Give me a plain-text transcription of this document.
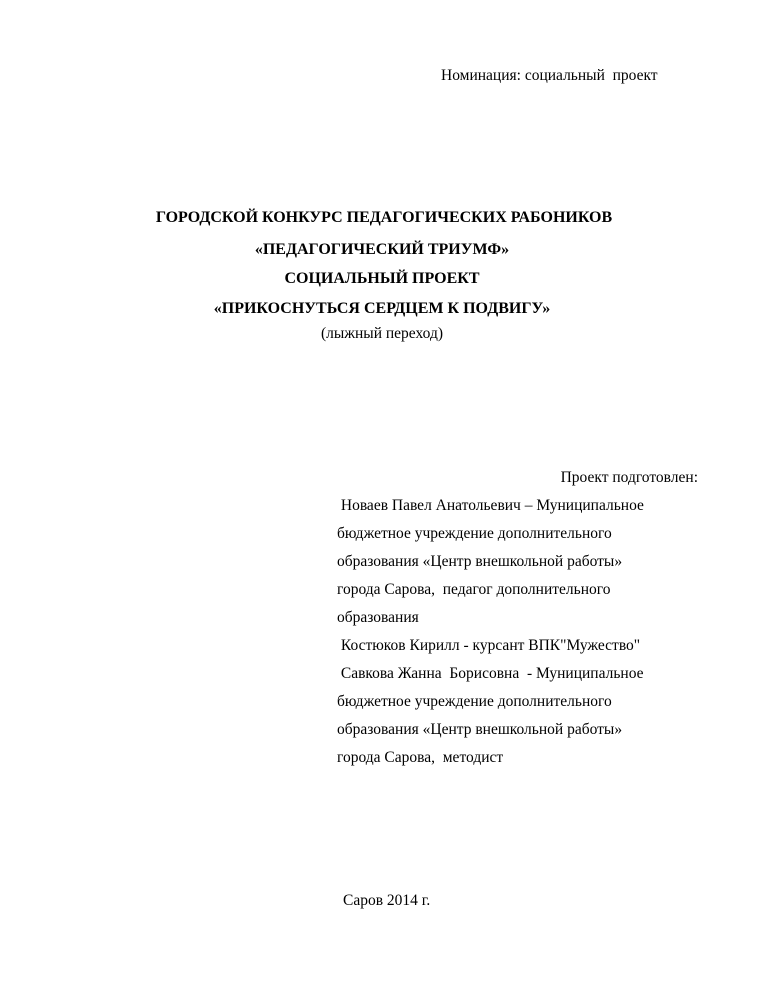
Номинация: социальный  проект

ГОРОДСКОЙ КОНКУРС ПЕДАГОГИЧЕСКИХ РАБОНИКОВ

«ПЕДАГОГИЧЕСКИЙ ТРИУМФ»

СОЦИАЛЬНЫЙ ПРОЕКТ

«ПРИКОСНУТЬСЯ СЕРДЦЕМ К ПОДВИГУ»

(лыжный переход)

Проект подготовлен:

Новаев Павел Анатольевич – Муниципальное

бюджетное учреждение дополнительного

образования «Центр внешкольной работы»

города Сарова,  педагог дополнительного

образования

Костюков Кирилл - курсант ВПК"Мужество"

Савкова Жанна  Борисовна  - Муниципальное

бюджетное учреждение дополнительного

образования «Центр внешкольной работы»

города Сарова,  методист

Саров 2014 г.
